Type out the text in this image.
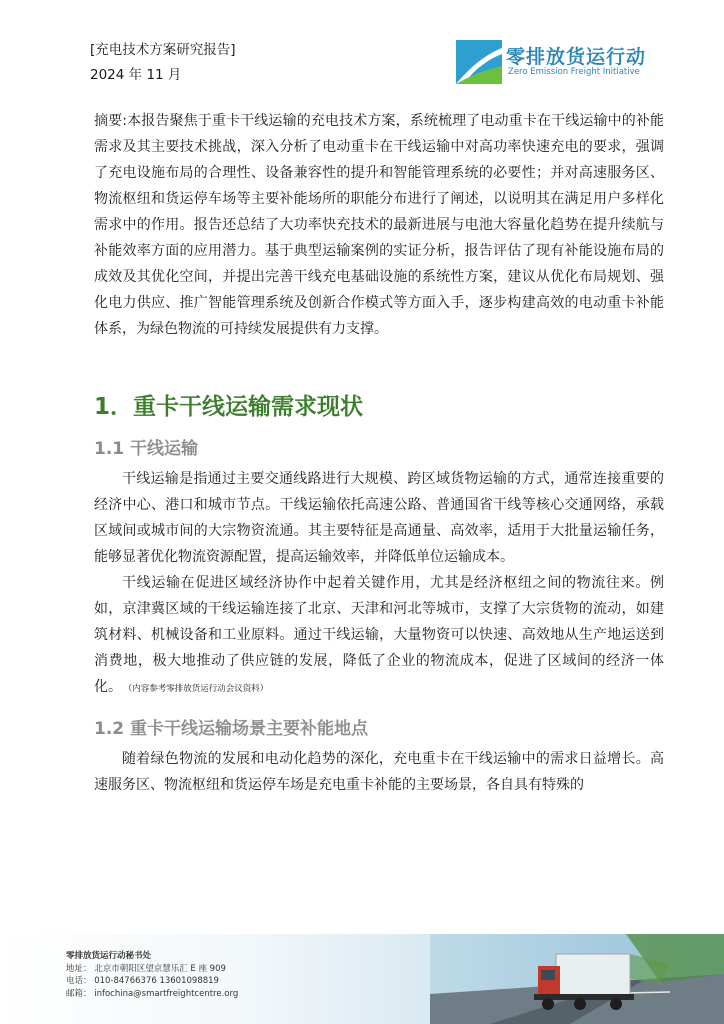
[充电技术方案研究报告]
2024 年 11 月
零排放货运行动
Zero Emission Freight Initiative
摘要:本报告聚焦于重卡干线运输的充电技术方案，系统梳理了电动重卡在干线运输中的补能需求及其主要技术挑战，深入分析了电动重卡在干线运输中对高功率快速充电的要求，强调了充电设施布局的合理性、设备兼容性的提升和智能管理系统的必要性；并对高速服务区、物流枢纽和货运停车场等主要补能场所的职能分布进行了阐述，以说明其在满足用户多样化需求中的作用。报告还总结了大功率快充技术的最新进展与电池大容量化趋势在提升续航与补能效率方面的应用潜力。基于典型运输案例的实证分析，报告评估了现有补能设施布局的成效及其优化空间，并提出完善干线充电基础设施的系统性方案，建议从优化布局规划、强化电力供应、推广智能管理系统及创新合作模式等方面入手，逐步构建高效的电动重卡补能体系，为绿色物流的可持续发展提供有力支撑。
1．重卡干线运输需求现状
1.1 干线运输
干线运输是指通过主要交通线路进行大规模、跨区域货物运输的方式，通常连接重要的经济中心、港口和城市节点。干线运输依托高速公路、普通国省干线等核心交通网络，承载区域间或城市间的大宗物资流通。其主要特征是高通量、高效率，适用于大批量运输任务，能够显著优化物流资源配置，提高运输效率，并降低单位运输成本。
干线运输在促进区域经济协作中起着关键作用，尤其是经济枢纽之间的物流往来。例如，京津冀区域的干线运输连接了北京、天津和河北等城市，支撑了大宗货物的流动，如建筑材料、机械设备和工业原料。通过干线运输，大量物资可以快速、高效地从生产地运送到消费地，极大地推动了供应链的发展，降低了企业的物流成本，促进了区域间的经济一体化。 （内容参考零排放货运行动会议资料）
1.2 重卡干线运输场景主要补能地点
随着绿色物流的发展和电动化趋势的深化，充电重卡在干线运输中的需求日益增长。高速服务区、物流枢纽和货运停车场是充电重卡补能的主要场景，各自具有特殊的
零排放货运行动秘书处
地址： 北京市朝阳区望京慧乐汇 E 座 909
电话： 010-84766376 13601098819
邮箱： infochina@smartfreightcentre.org
